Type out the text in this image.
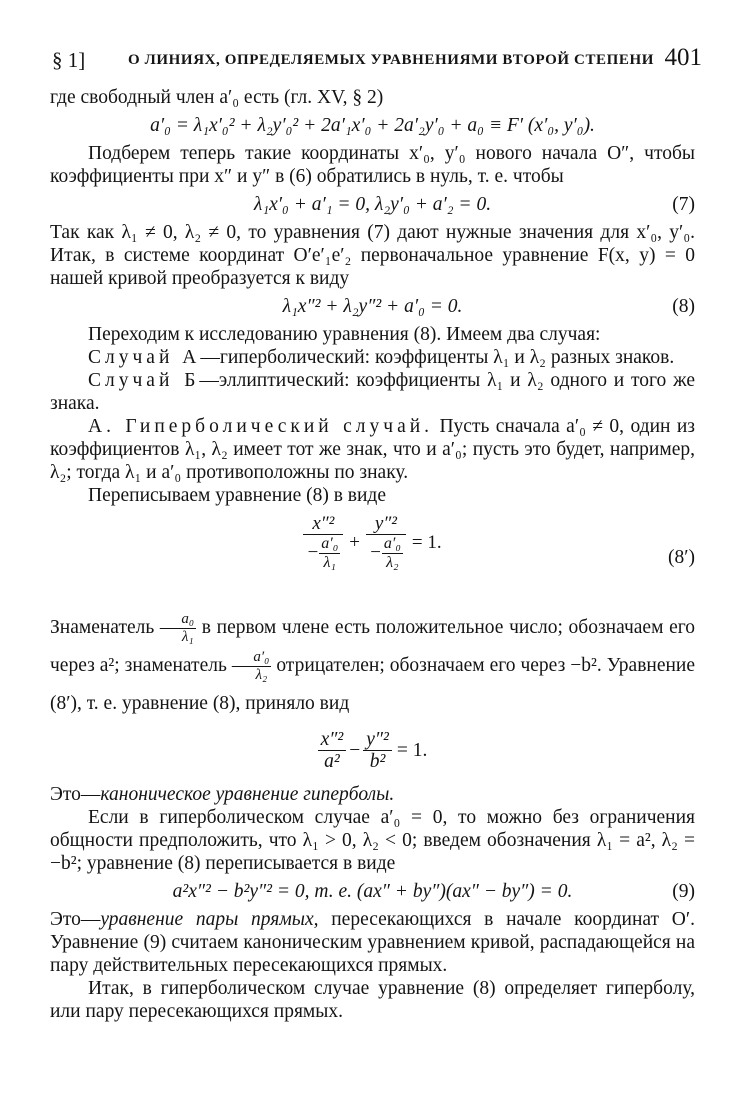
§ 1]	О ЛИНИЯХ, ОПРЕДЕЛЯЕМЫХ УРАВНЕНИЯМИ ВТОРОЙ СТЕПЕНИ 401

где свободный член a′₀ есть (гл. XV, § 2)

a′₀ = λ₁x′₀² + λ₂y′₀² + 2a′₁x′₀ + 2a′₂y′₀ + a₀ ≡ F′ (x′₀, y′₀).

Подберем теперь такие координаты x′₀, y′₀ нового начала O″, чтобы коэффициенты при x″ и y″ в (6) обратились в нуль, т. е. чтобы

λ₁x′₀ + a′₁ = 0, λ₂y′₀ + a′₂ = 0.	(7)

Так как λ₁ ≠ 0, λ₂ ≠ 0, то уравнения (7) дают нужные значения для x′₀, y′₀. Итак, в системе координат O′e′₁e′₂ первоначальное уравнение F(x, y) = 0 нашей кривой преобразуется к виду

λ₁x″² + λ₂y″² + a′₀ = 0.	(8)

Переходим к исследованию уравнения (8). Имеем два случая:

Случай А—гиперболический: коэффиценты λ₁ и λ₂ разных знаков.

Случай Б—эллиптический: коэффициенты λ₁ и λ₂ одного и того же знака.

А. Гиперболический случай. Пусть сначала a′₀ ≠ 0, один из коэффициентов λ₁, λ₂ имеет тот же знак, что и a′₀; пусть это будет, например, λ₂; тогда λ₁ и a′₀ противоположны по знаку.

Переписываем уравнение (8) в виде

$\frac{\text{x″²}}{- \frac{\text{a′₀}}{\text{λ₁}}} + \frac{\text{y″²}}{- \frac{\text{a′₀}}{\text{λ₂}}} = 1$.
(8′)

Знаменатель — $\frac{\text{a₀}}{\text{λ₁}}$ в первом члене есть положительное число; обозначаем его через a²; знаменатель — $\frac{\text{a′₀}}{\text{λ₂}}$ отрицателен; обозначаем его через −b². Уравнение (8′), т. е. уравнение (8), приняло вид

$\frac{\text{x″²}}{\text{a²}} - \frac{\text{y″²}}{\text{b²}} = 1$.

Это—каноническое уравнение гиперболы.

Если в гиперболическом случае a′₀ = 0, то можно без ограничения общности предположить, что λ₁ > 0, λ₂ < 0; введем обозначения λ₁ = a², λ₂ = −b²; уравнение (8) переписывается в виде

a²x″² − b²y″² = 0, т. е. (ax″ + by″)(ax″ − by″) = 0.	(9)

Это—уравнение пары прямых, пересекающихся в начале координат O′. Уравнение (9) считаем каноническим уравнением кривой, распадающейся на пару действительных пересекающихся прямых.

Итак, в гиперболическом случае уравнение (8) определяет гиперболу, или пару пересекающихся прямых.
